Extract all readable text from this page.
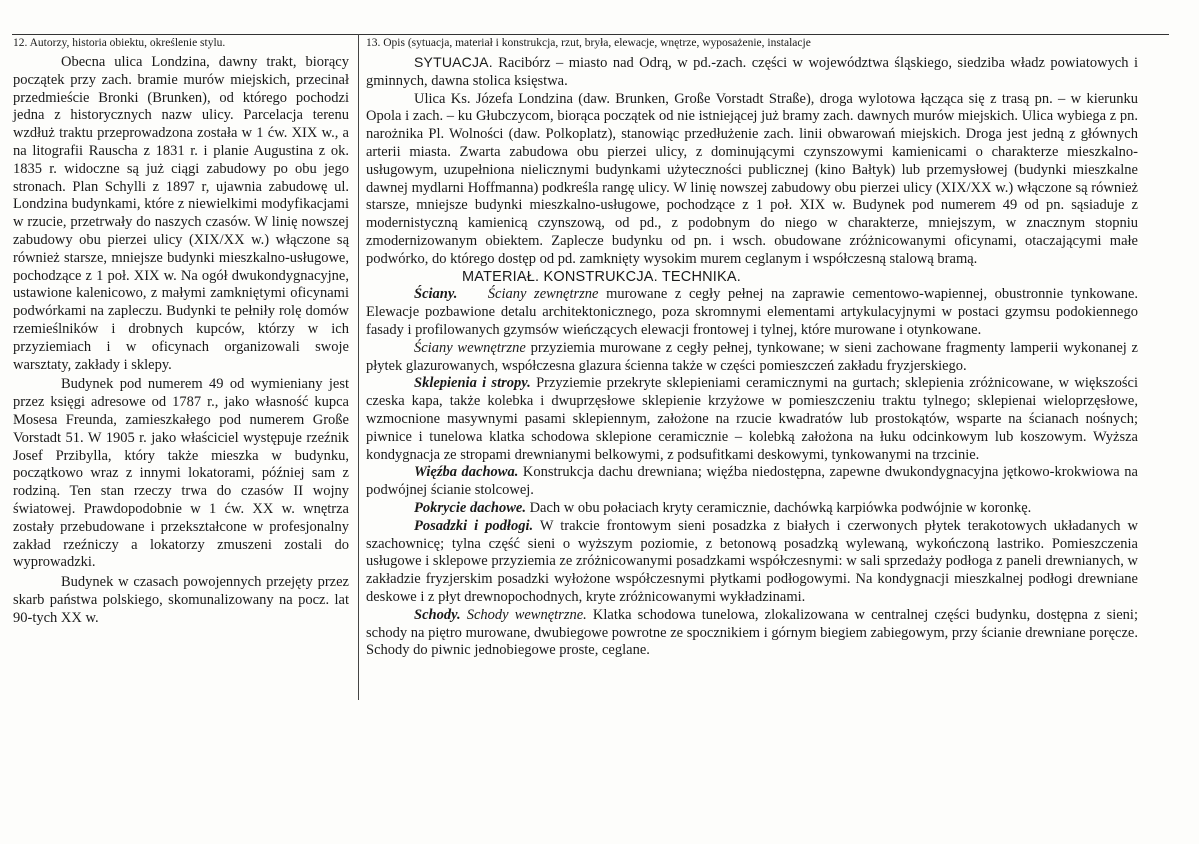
12. Autorzy, historia obiektu, określenie stylu.

Obecna ulica Londzina, dawny trakt, biorący początek przy zach. bramie murów miejskich, przecinał przedmieście Bronki (Brunken), od którego pochodzi jedna z historycznych nazw ulicy. Parcelacja terenu wzdłuż traktu przeprowadzona została w 1 ćw. XIX w., a na litografii Rauscha z 1831 r. i planie Augustina z ok. 1835 r. widoczne są już ciągi zabudowy po obu jego stronach. Plan Schylli z 1897 r, ujawnia zabudowę ul. Londzina budynkami, które z niewielkimi modyfikacjami w rzucie, przetrwały do naszych czasów. W linię nowszej zabudowy obu pierzei ulicy (XIX/XX w.) włączone są również starsze, mniejsze budynki mieszkalno-usługowe, pochodzące z 1 poł. XIX w. Na ogół dwukondygnacyjne, ustawione kalenicowo, z małymi zamkniętymi oficynami podwórkami na zapleczu. Budynki te pełniły rolę domów rzemieślników i drobnych kupców, którzy w ich przyziemiach i w oficynach organizowali swoje warsztaty, zakłady i sklepy.

Budynek pod numerem 49 od wymieniany jest przez księgi adresowe od 1787 r., jako własność kupca Mosesa Freunda, zamieszkałego pod numerem Große Vorstadt 51. W 1905 r. jako właściciel występuje rzeźnik Josef Przibylla, który także mieszka w budynku, początkowo wraz z innymi lokatorami, później sam z rodziną. Ten stan rzeczy trwa do czasów II wojny światowej. Prawdopodobnie w 1 ćw. XX w. wnętrza zostały przebudowane i przekształcone w profesjonalny zakład rzeźniczy a lokatorzy zmuszeni zostali do wyprowadzki.

Budynek w czasach powojennych przejęty przez skarb państwa polskiego, skomunalizowany na pocz. lat 90-tych XX w.

13. Opis (sytuacja, materiał i konstrukcja, rzut, bryła, elewacje, wnętrze, wyposażenie, instalacje

SYTUACJA. Racibórz – miasto nad Odrą, w pd.-zach. części w województwa śląskiego, siedziba władz powiatowych i gminnych, dawna stolica księstwa.

Ulica Ks. Józefa Londzina (daw. Brunken, Große Vorstadt Straße), droga wylotowa łącząca się z trasą pn. – w kierunku Opola i zach. – ku Głubczycom, biorąca początek od nie istniejącej już bramy zach. dawnych murów miejskich. Ulica wybiega z pn. narożnika Pl. Wolności (daw. Polkoplatz), stanowiąc przedłużenie zach. linii obwarowań miejskich. Droga jest jedną z głównych arterii miasta. Zwarta zabudowa obu pierzei ulicy, z dominującymi czynszowymi kamienicami o charakterze mieszkalno-usługowym, uzupełniona nielicznymi budynkami użyteczności publicznej (kino Bałtyk) lub przemysłowej (budynki mieszkalne dawnej mydlarni Hoffmanna) podkreśla rangę ulicy. W linię nowszej zabudowy obu pierzei ulicy (XIX/XX w.) włączone są również starsze, mniejsze budynki mieszkalno-usługowe, pochodzące z 1 poł. XIX w. Budynek pod numerem 49 od pn. sąsiaduje z modernistyczną kamienicą czynszową, od pd., z podobnym do niego w charakterze, mniejszym, w znacznym stopniu zmodernizowanym obiektem. Zaplecze budynku od pn. i wsch. obudowane zróżnicowanymi oficynami, otaczającymi małe podwórko, do którego dostęp od pd. zamknięty wysokim murem ceglanym i współczesną stalową bramą.

MATERIAŁ. KONSTRUKCJA. TECHNIKA.

Ściany. Ściany zewnętrzne murowane z cegły pełnej na zaprawie cementowo-wapiennej, obustronnie tynkowane. Elewacje pozbawione detalu architektonicznego, poza skromnymi elementami artykulacyjnymi w postaci gzymsu podokiennego fasady i profilowanych gzymsów wieńczących elewacji frontowej i tylnej, które murowane i otynkowane.

Ściany wewnętrzne przyziemia murowane z cegły pełnej, tynkowane; w sieni zachowane fragmenty lamperii wykonanej z płytek glazurowanych, współczesna glazura ścienna także w części pomieszczeń zakładu fryzjerskiego.

Sklepienia i stropy. Przyziemie przekryte sklepieniami ceramicznymi na gurtach; sklepienia zróżnicowane, w większości czeska kapa, także kolebka i dwuprzęsłowe sklepienie krzyżowe w pomieszczeniu traktu tylnego; sklepienai wieloprzęsłowe, wzmocnione masywnymi pasami sklepiennym, założone na rzucie kwadratów lub prostokątów, wsparte na ścianach nośnych; piwnice i tunelowa klatka schodowa sklepione ceramicznie – kolebką założona na łuku odcinkowym lub koszowym. Wyższa kondygnacja ze stropami drewnianymi belkowymi, z podsufitkami deskowymi, tynkowanymi na trzcinie.

Więźba dachowa. Konstrukcja dachu drewniana; więźba niedostępna, zapewne dwukondygnacyjna jętkowo-krokwiowa na podwójnej ścianie stolcowej.

Pokrycie dachowe. Dach w obu połaciach kryty ceramicznie, dachówką karpiówka podwójnie w koronkę.

Posadzki i podłogi. W trakcie frontowym sieni posadzka z białych i czerwonych płytek terakotowych układanych w szachownicę; tylna część sieni o wyższym poziomie, z betonową posadzką wylewaną, wykończoną lastriko. Pomieszczenia usługowe i sklepowe przyziemia ze zróżnicowanymi posadzkami współczesnymi: w sali sprzedaży podłoga z paneli drewnianych, w zakładzie fryzjerskim posadzki wyłożone współczesnymi płytkami podłogowymi. Na kondygnacji mieszkalnej podłogi drewniane deskowe i z płyt drewnopochodnych, kryte zróżnicowanymi wykładzinami.

Schody. Schody wewnętrzne. Klatka schodowa tunelowa, zlokalizowana w centralnej części budynku, dostępna z sieni; schody na piętro murowane, dwubiegowe powrotne ze spocznikiem i górnym biegiem zabiegowym, przy ścianie drewniane poręcze. Schody do piwnic jednobiegowe proste, ceglane.
